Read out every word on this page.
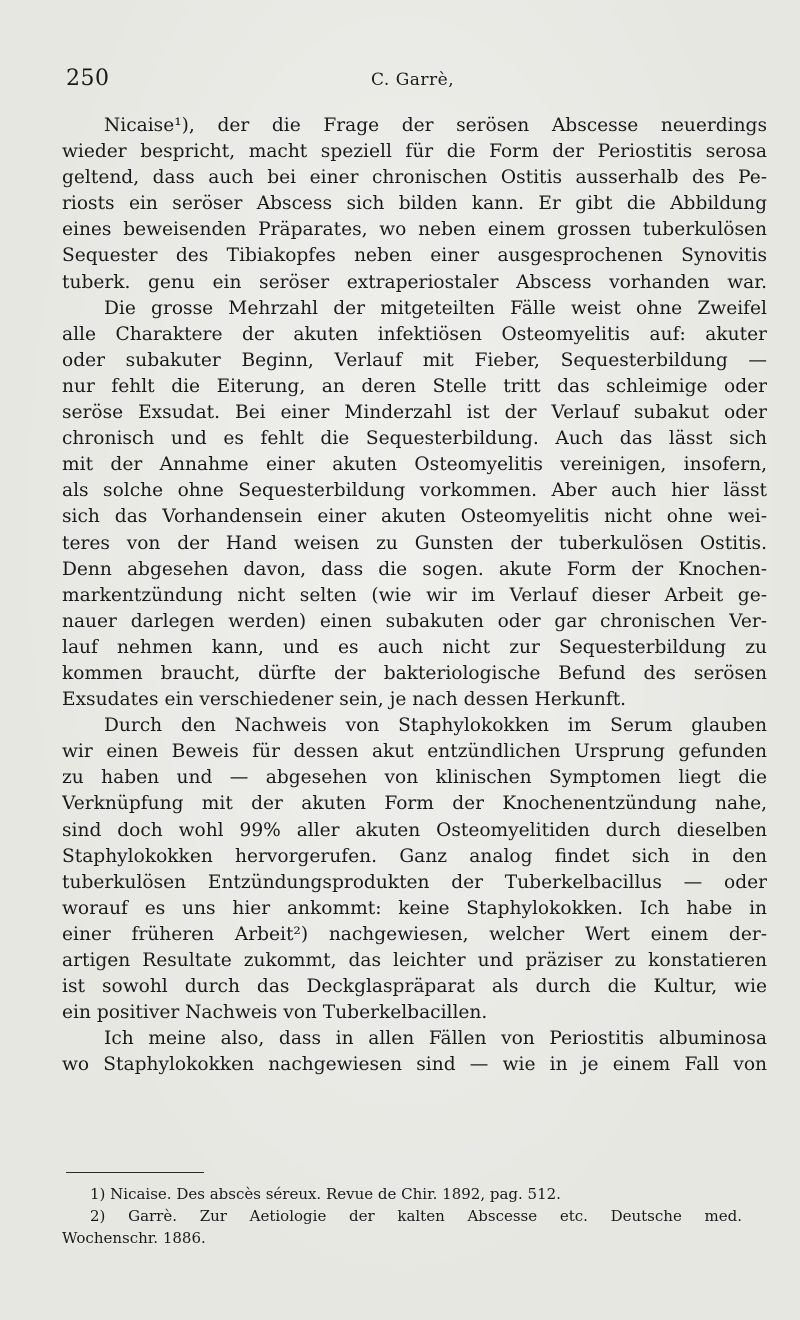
250	C. Garrè,
Nicaise¹), der die Frage der serösen Abscesse neuerdings
wieder bespricht, macht speziell für die Form der Periostitis serosa
geltend, dass auch bei einer chronischen Ostitis ausserhalb des Pe-
riosts ein seröser Abscess sich bilden kann. Er gibt die Abbildung
eines beweisenden Präparates, wo neben einem grossen tuberkulösen
Sequester des Tibiakopfes neben einer ausgesprochenen Synovitis
tuberk. genu ein seröser extraperiostaler Abscess vorhanden war.
Die grosse Mehrzahl der mitgeteilten Fälle weist ohne Zweifel
alle Charaktere der akuten infektiösen Osteomyelitis auf: akuter
oder subakuter Beginn, Verlauf mit Fieber, Sequesterbildung —
nur fehlt die Eiterung, an deren Stelle tritt das schleimige oder
seröse Exsudat. Bei einer Minderzahl ist der Verlauf subakut oder
chronisch und es fehlt die Sequesterbildung. Auch das lässt sich
mit der Annahme einer akuten Osteomyelitis vereinigen, insofern,
als solche ohne Sequesterbildung vorkommen. Aber auch hier lässt
sich das Vorhandensein einer akuten Osteomyelitis nicht ohne wei-
teres von der Hand weisen zu Gunsten der tuberkulösen Ostitis.
Denn abgesehen davon, dass die sogen. akute Form der Knochen-
markentzündung nicht selten (wie wir im Verlauf dieser Arbeit ge-
nauer darlegen werden) einen subakuten oder gar chronischen Ver-
lauf nehmen kann, und es auch nicht zur Sequesterbildung zu
kommen braucht, dürfte der bakteriologische Befund des serösen
Exsudates ein verschiedener sein, je nach dessen Herkunft.
Durch den Nachweis von Staphylokokken im Serum glauben
wir einen Beweis für dessen akut entzündlichen Ursprung gefunden
zu haben und — abgesehen von klinischen Symptomen liegt die
Verknüpfung mit der akuten Form der Knochenentzündung nahe,
sind doch wohl 99% aller akuten Osteomyelitiden durch dieselben
Staphylokokken hervorgerufen. Ganz analog findet sich in den
tuberkulösen Entzündungsprodukten der Tuberkelbacillus — oder
worauf es uns hier ankommt: keine Staphylokokken. Ich habe in
einer früheren Arbeit²) nachgewiesen, welcher Wert einem der-
artigen Resultate zukommt, das leichter und präziser zu konstatieren
ist sowohl durch das Deckglaspräparat als durch die Kultur, wie
ein positiver Nachweis von Tuberkelbacillen.
Ich meine also, dass in allen Fällen von Periostitis albuminosa
wo Staphylokokken nachgewiesen sind — wie in je einem Fall von
1) Nicaise. Des abscès séreux. Revue de Chir. 1892, pag. 512.
2) Garrè. Zur Aetiologie der kalten Abscesse etc. Deutsche med.
Wochenschr. 1886.
